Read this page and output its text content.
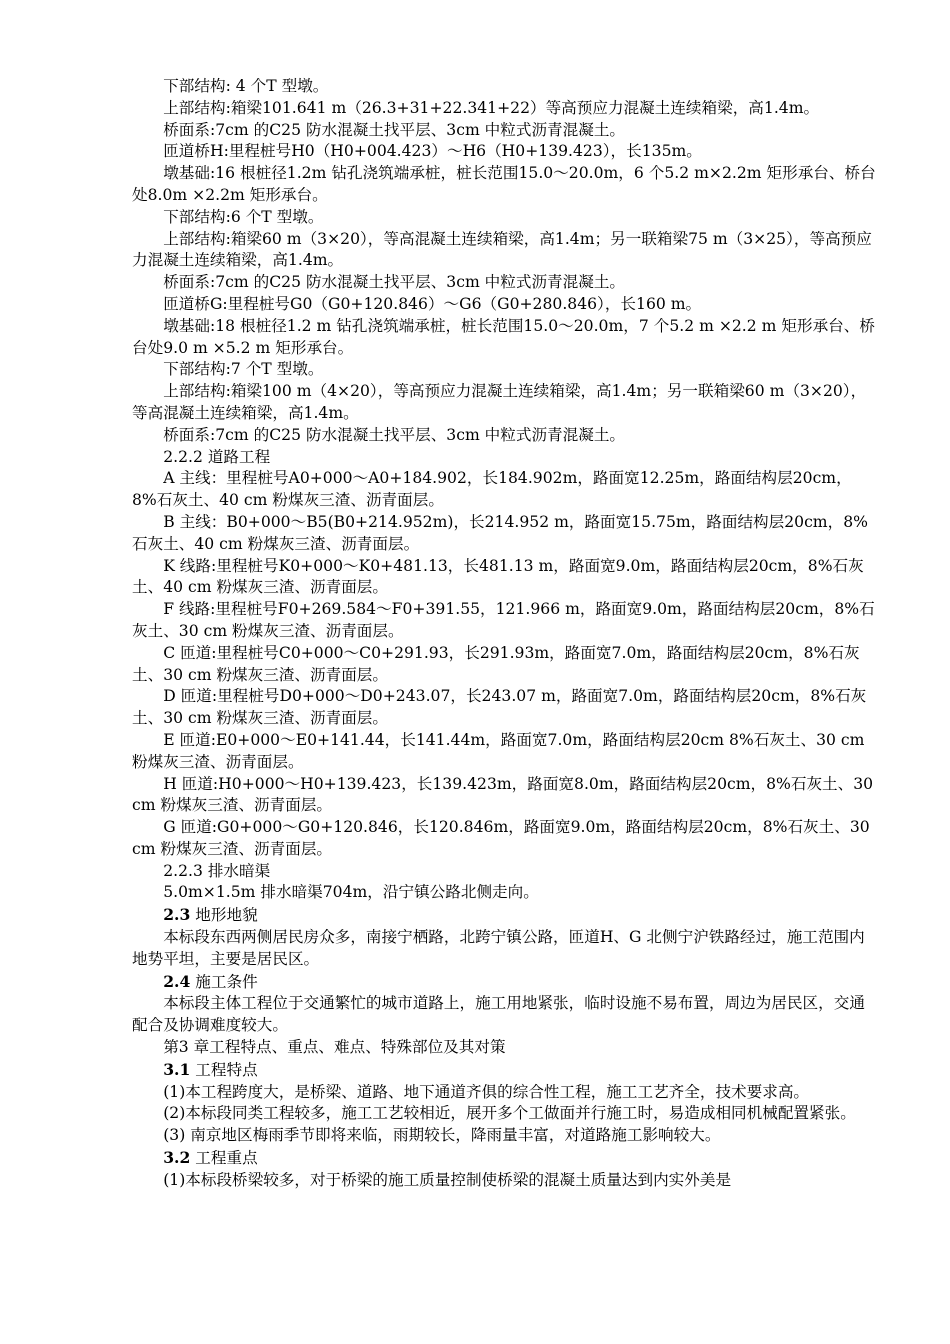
下部结构: 4 个T 型墩。

上部结构:箱梁101.641 m（26.3+31+22.341+22）等高预应力混凝土连续箱梁，高1.4m。

桥面系:7cm 的C25 防水混凝土找平层、3cm 中粒式沥青混凝土。

匝道桥H:里程桩号H0（H0+004.423）～H6（H0+139.423），长135m。

墩基础:16 根桩径1.2m 钻孔浇筑端承桩，桩长范围15.0～20.0m，6 个5.2 m×2.2m 矩形承台、桥台处8.0m ×2.2m 矩形承台。

下部结构:6 个T 型墩。

上部结构:箱梁60 m（3×20），等高混凝土连续箱梁，高1.4m；另一联箱梁75 m（3×25），等高预应力混凝土连续箱梁，高1.4m。

桥面系:7cm 的C25 防水混凝土找平层、3cm 中粒式沥青混凝土。

匝道桥G:里程桩号G0（G0+120.846）～G6（G0+280.846），长160 m。

墩基础:18 根桩径1.2 m 钻孔浇筑端承桩，桩长范围15.0～20.0m，7 个5.2 m ×2.2 m 矩形承台、桥台处9.0 m ×5.2 m 矩形承台。

下部结构:7 个T 型墩。

上部结构:箱梁100 m（4×20），等高预应力混凝土连续箱梁，高1.4m；另一联箱梁60 m（3×20），等高混凝土连续箱梁，高1.4m。

桥面系:7cm 的C25 防水混凝土找平层、3cm 中粒式沥青混凝土。

2.2.2 道路工程

A 主线：里程桩号A0+000～A0+184.902，长184.902m，路面宽12.25m，路面结构层20cm，8%石灰土、40 cm 粉煤灰三渣、沥青面层。

B 主线：B0+000～B5(B0+214.952m)，长214.952 m，路面宽15.75m，路面结构层20cm，8%石灰土、40 cm 粉煤灰三渣、沥青面层。

K 线路:里程桩号K0+000～K0+481.13，长481.13 m，路面宽9.0m，路面结构层20cm，8%石灰土、40 cm 粉煤灰三渣、沥青面层。

F 线路:里程桩号F0+269.584～F0+391.55，121.966 m，路面宽9.0m，路面结构层20cm，8%石灰土、30 cm 粉煤灰三渣、沥青面层。

C 匝道:里程桩号C0+000～C0+291.93，长291.93m，路面宽7.0m，路面结构层20cm，8%石灰土、30 cm 粉煤灰三渣、沥青面层。

D 匝道:里程桩号D0+000～D0+243.07，长243.07 m，路面宽7.0m，路面结构层20cm，8%石灰土、30 cm 粉煤灰三渣、沥青面层。

E 匝道:E0+000～E0+141.44，长141.44m，路面宽7.0m，路面结构层20cm 8%石灰土、30 cm 粉煤灰三渣、沥青面层。

H 匝道:H0+000～H0+139.423，长139.423m，路面宽8.0m，路面结构层20cm，8%石灰土、30 cm 粉煤灰三渣、沥青面层。

G 匝道:G0+000～G0+120.846，长120.846m，路面宽9.0m，路面结构层20cm，8%石灰土、30 cm 粉煤灰三渣、沥青面层。

2.2.3 排水暗渠

5.0m×1.5m 排水暗渠704m，沿宁镇公路北侧走向。

2.3 地形地貌

本标段东西两侧居民房众多，南接宁栖路，北跨宁镇公路，匝道H、G 北侧宁沪铁路经过，施工范围内地势平坦，主要是居民区。

2.4 施工条件

本标段主体工程位于交通繁忙的城市道路上，施工用地紧张，临时设施不易布置，周边为居民区，交通配合及协调难度较大。

第3 章工程特点、重点、难点、特殊部位及其对策

3.1 工程特点

(1)本工程跨度大，是桥梁、道路、地下通道齐俱的综合性工程，施工工艺齐全，技术要求高。

(2)本标段同类工程较多，施工工艺较相近，展开多个工做面并行施工时，易造成相同机械配置紧张。

(3) 南京地区梅雨季节即将来临，雨期较长，降雨量丰富，对道路施工影响较大。

3.2 工程重点

(1)本标段桥梁较多，对于桥梁的施工质量控制使桥梁的混凝土质量达到内实外美是
